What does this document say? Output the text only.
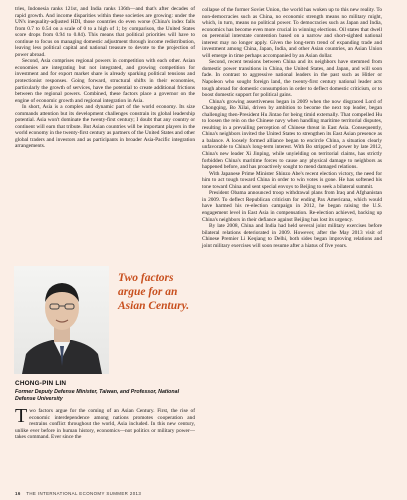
tries, Indonesia ranks 121st, and India ranks 136th—and that's after decades of rapid growth. And income disparities within these societies are growing: under the UN's inequality-adjusted HDI, those countries do even worse (China's index falls from 0.7 to 0.54 on a scale of 0 to a high of 1; by comparison, the United States score drops from 0.94 to 0.84). This means that political priorities will have to continue to focus on managing domestic adjustment through income redistribution, leaving less political capital and national treasure to devote to the projection of power abroad.

Second, Asia comprises regional powers in competition with each other. Asian economies are integrating but not integrated, and growing competition for investment and for export market share is already sparking political tensions and protectionist responses. Going forward, structural shifts in their economies, particularly the growth of services, have the potential to create additional frictions between the regional powers. Combined, these factors place a governor on the engine of economic growth and regional integration in Asia.

In short, Asia is a complex and dynamic part of the world economy. Its size commands attention but its development challenges constrain its global leadership potential. Asia won't dominate the twenty-first century; I doubt that any country or continent will earn that tribute. But Asian countries will be important players in the world economy in the twenty-first century as partners of the United States and other global traders and investors and as participants in broader Asia-Pacific integration arrangements.

Two factors argue for an Asian Century.
CHONG-PIN LIN
Former Deputy Defense Minister, Taiwan, and Professor, National Defense University

Two factors argue for the coming of an Asian Century. First, the rise of economic interdependence among nations promotes cooperation and restrains conflict throughout the world, Asia included. In this new century, unlike ever before in human history, economics—not politics or military power—takes command. Ever since the

collapse of the former Soviet Union, the world has woken up to this new reality. To non-democracies such as China, no economic strength means no military might, which, in turn, means no political power. To democracies such as Japan and India, economics has become even more crucial in winning elections. Oil states that dwell on perennial interstate contention based on a narrow and short-sighted national interest may no longer apply. Given the long-term trend of expanding trade and investment among China, Japan, India, and other Asian countries, an Asian Union will emerge in time perhaps accompanied by an Asian dollar.

Second, recent tensions between China and its neighbors have stemmed from domestic power transitions in China, the United States, and Japan, and will soon fade. In contrast to aggressive national leaders in the past such as Hitler or Napoleon who sought foreign land, the twenty-first century national leader acts tough abroad for domestic consumption in order to deflect domestic criticism, or to boost domestic support for political gains.

China's growing assertiveness began in 2009 when the now disgraced Lord of Chongqing, Bo Xilai, driven by ambition to become the next top leader, began challenging then-President Hu Jintao for being timid externally. That compelled Hu to loosen the rein on the Chinese navy when handling maritime territorial disputes, resulting in a prevailing perception of Chinese threat in East Asia. Consequently, China's neighbors invited the United States to strengthen its East Asian presence as a balance. A loosely formed alliance began to encircle China, a situation clearly unfavorable to China's long-term interest. With Bo stripped of power by late 2012, China's new leader Xi Jinping, while unyielding on territorial claims, has strictly forbidden China's maritime forces to cause any physical damage to neighbors as happened before, and has proactively sought to mend damaged relations.

With Japanese Prime Minister Shinzo Abe's recent election victory, the need for him to act tough toward China in order to win votes is gone. He has softened his tone toward China and sent special envoys to Beijing to seek a bilateral summit.

President Obama announced troop withdrawal plans from Iraq and Afghanistan in 2009. To deflect Republican criticism for ending Pax Americana, which would have harmed his re-election campaign in 2012, he began raising the U.S. engagement level in East Asia in compensation. Re-election achieved, backing up China's neighbors in their defiance against Beijing has lost its urgency.

By late 2008, China and India had held several joint military exercises before bilateral relations deteriorated in 2009. However, after the May 2013 visit of Chinese Premier Li Keqiang to Delhi, both sides began improving relations and joint military exercises will soon resume after a hiatus of five years.

16 THE INTERNATIONAL ECONOMY SUMMER 2013
